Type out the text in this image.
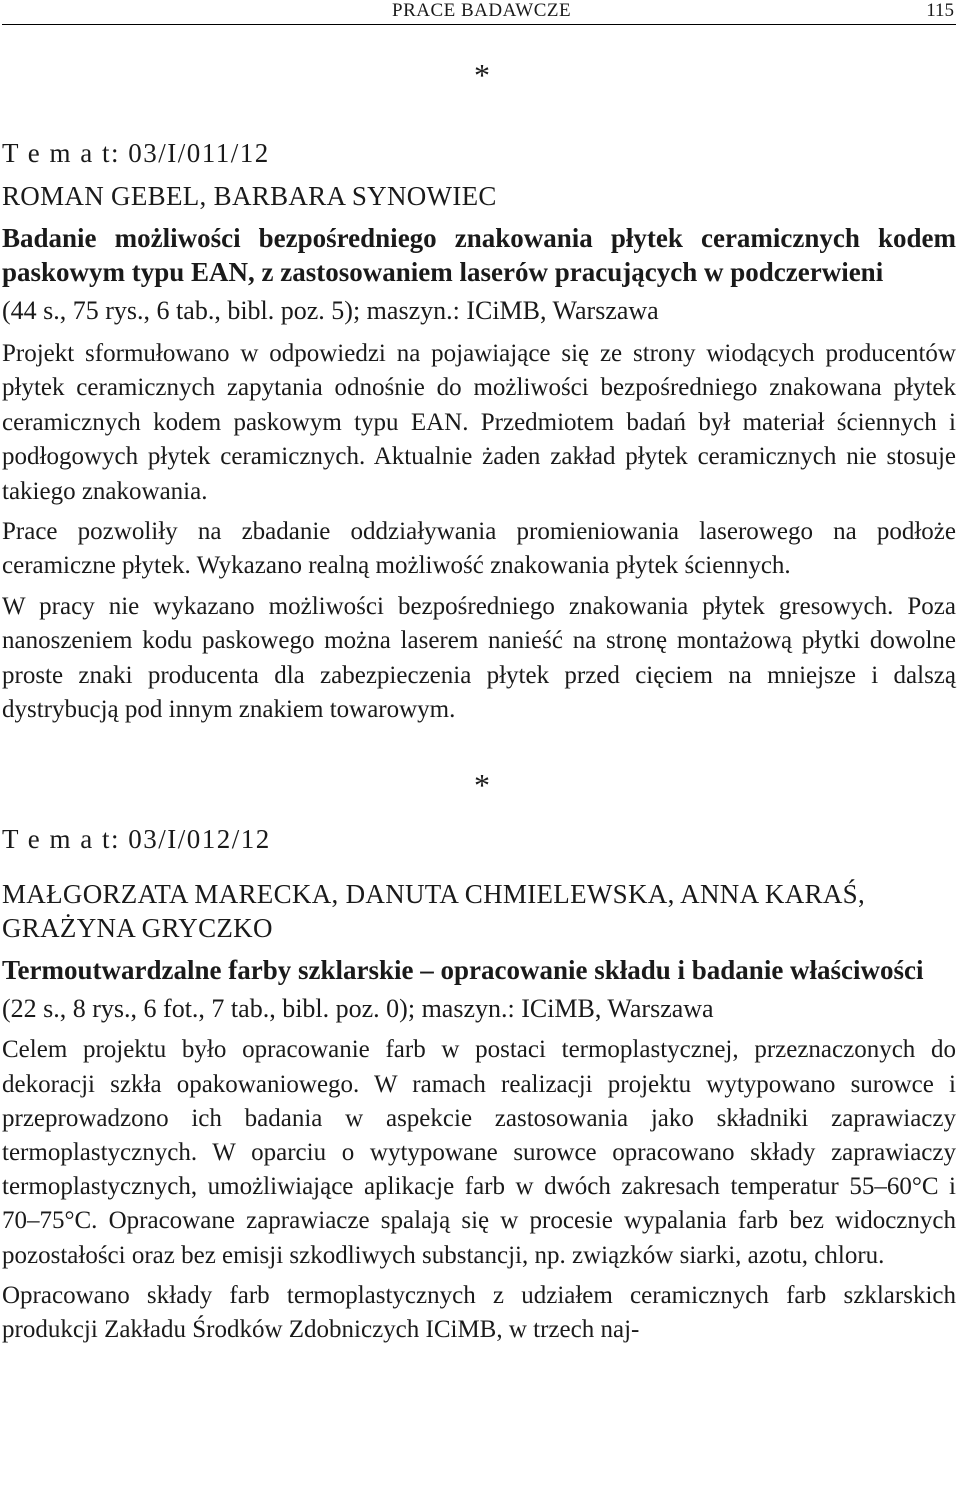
PRACE BADAWCZE	115
*
T e m a t: 03/I/011/12
ROMAN GEBEL, BARBARA SYNOWIEC
Badanie możliwości bezpośredniego znakowania płytek ceramicznych kodem paskowym typu EAN, z zastosowaniem laserów pracujących w podczerwieni
(44 s., 75 rys., 6 tab., bibl. poz. 5); maszyn.: ICiMB, Warszawa
Projekt sformułowano w odpowiedzi na pojawiające się ze strony wiodących producentów płytek ceramicznych zapytania odnośnie do możliwości bezpośredniego znakowana płytek ceramicznych kodem paskowym typu EAN. Przedmiotem badań był materiał ściennych i podłogowych płytek ceramicznych. Aktualnie żaden zakład płytek ceramicznych nie stosuje takiego znakowania.
Prace pozwoliły na zbadanie oddziaływania promieniowania laserowego na podłoże ceramiczne płytek. Wykazano realną możliwość znakowania płytek ściennych.
W pracy nie wykazano możliwości bezpośredniego znakowania płytek gresowych. Poza nanoszeniem kodu paskowego można laserem nanieść na stronę montażową płytki dowolne proste znaki producenta dla zabezpieczenia płytek przed cięciem na mniejsze i dalszą dystrybucją pod innym znakiem towarowym.
*
T e m a t: 03/I/012/12
MAŁGORZATA MARECKA, DANUTA CHMIELEWSKA, ANNA KARAŚ,
GRAŻYNA GRYCZKO
Termoutwardzalne farby szklarskie – opracowanie składu i badanie właściwości
(22 s., 8 rys., 6 fot., 7 tab., bibl. poz. 0); maszyn.: ICiMB, Warszawa
Celem projektu było opracowanie farb w postaci termoplastycznej, przeznaczonych do dekoracji szkła opakowaniowego. W ramach realizacji projektu wytypowano surowce i przeprowadzono ich badania w aspekcie zastosowania jako składniki zaprawiaczy termoplastycznych. W oparciu o wytypowane surowce opracowano składy zaprawiaczy termoplastycznych, umożliwiające aplikacje farb w dwóch zakresach temperatur 55–60°C i 70–75°C. Opracowane zaprawiacze spalają się w procesie wypalania farb bez widocznych pozostałości oraz bez emisji szkodliwych substancji, np. związków siarki, azotu, chloru.
Opracowano składy farb termoplastycznych z udziałem ceramicznych farb szklarskich produkcji Zakładu Środków Zdobniczych ICiMB, w trzech naj-
